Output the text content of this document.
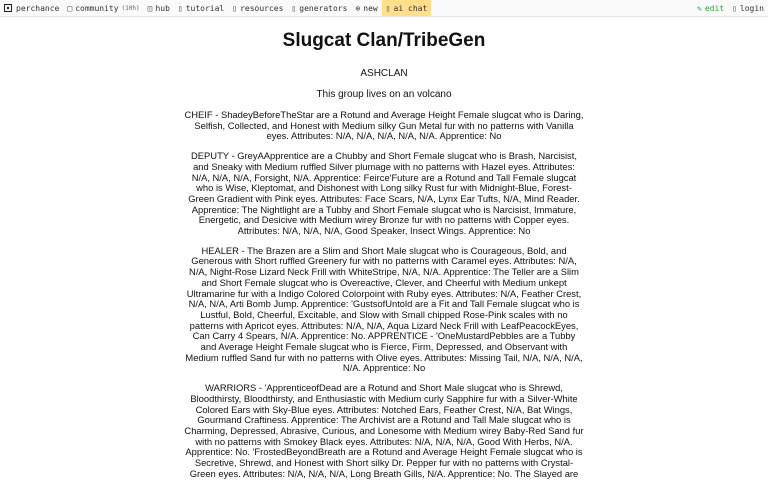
perchance □ community (10h) ◫ hub ▯ tutorial ▯ resources ▯ generators ⊕ new ▯ ai chat	✎ edit ▯ login
Slugcat Clan/TribeGen
ASHCLAN
This group lives on an volcano
CHEIF - ShadeyBeforeTheStar are a Rotund and Average Height Female slugcat who is Daring, Selfish, Collected, and Honest with Medium silky Gun Metal fur with no patterns with Vanilla eyes. Attributes: N/A, N/A, N/A, N/A, N/A. Apprentice: No
DEPUTY - GreyAApprentice are a Chubby and Short Female slugcat who is Brash, Narcisist, and Sneaky with Medium ruffled Silver plumage with no patterns with Hazel eyes. Attributes: N/A, N/A, N/A, Forsight, N/A. Apprentice: Feirce'Future are a Rotund and Tall Female slugcat who is Wise, Kleptomat, and Dishonest with Long silky Rust fur with Midnight-Blue, Forest-Green Gradient with Pink eyes. Attributes: Face Scars, N/A, Lynx Ear Tufts, N/A, Mind Reader. Apprentice: The Nightlight are a Tubby and Short Female slugcat who is Narcisist, Immature, Energetic, and Desicive with Medium wirey Bronze fur with no patterns with Copper eyes. Attributes: N/A, N/A, N/A, Good Speaker, Insect Wings. Apprentice: No
HEALER - The Brazen are a Slim and Short Male slugcat who is Courageous, Bold, and Generous with Short ruffled Greenery fur with no patterns with Caramel eyes. Attributes: N/A, N/A, Night-Rose Lizard Neck Frill with WhiteStripe, N/A, N/A. Apprentice: The Teller are a Slim and Short Female slugcat who is Overeactive, Clever, and Cheerful with Medium unkept Ultramarine fur with a Indigo Colored Colorpoint with Ruby eyes. Attributes: N/A, Feather Crest, N/A, N/A, Arti Bomb Jump. Apprentice: 'GustsofUntold are a Fit and Tall Female slugcat who is Lustful, Bold, Cheerful, Excitable, and Slow with Small chipped Rose-Pink scales with no patterns with Apricot eyes. Attributes: N/A, N/A, Aqua Lizard Neck Frill with LeafPeacockEyes, Can Carry 4 Spears, N/A. Apprentice: No. APPRENTICE - 'OneMustardPebbles are a Tubby and Average Height Female slugcat who is Fierce, Firm, Depressed, and Observant with Medium ruffled Sand fur with no patterns with Olive eyes. Attributes: Missing Tail, N/A, N/A, N/A, N/A. Apprentice: No
WARRIORS - 'ApprenticeofDead are a Rotund and Short Male slugcat who is Shrewd, Bloodthirsty, Bloodthirsty, and Enthusiastic with Medium curly Sapphire fur with a Silver-White Colored Ears with Sky-Blue eyes. Attributes: Notched Ears, Feather Crest, N/A, Bat Wings, Gourmand Craftiness. Apprentice: The Archivist are a Rotund and Tall Male slugcat who is Charming, Depressed, Abrasive, Curious, and Lonesome with Medium wirey Baby-Red Sand fur with no patterns with Smokey Black eyes. Attributes: N/A, N/A, N/A, Good With Herbs, N/A. Apprentice: No. 'FrostedBeyondBreath are a Rotund and Average Height Female slugcat who is Secretive, Shrewd, and Honest with Short silky Dr. Pepper fur with no patterns with Crystal-Green eyes. Attributes: N/A, N/A, N/A, Long Breath Gills, N/A. Apprentice: No. The Slayed are
